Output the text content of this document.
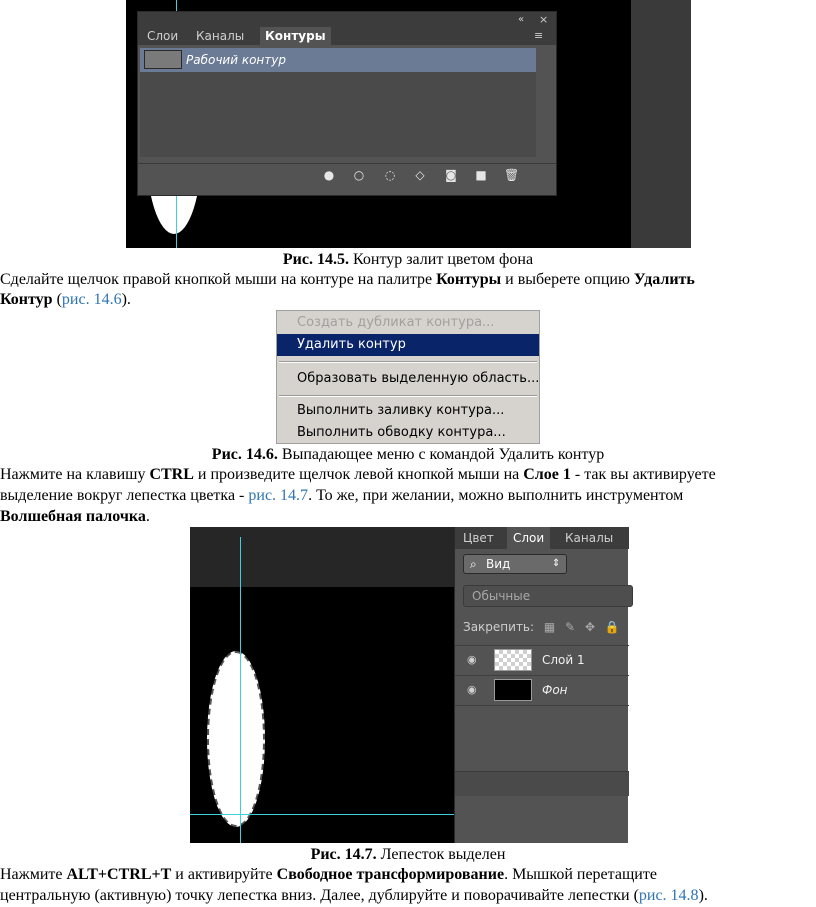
« ×
Слои	Каналы	Контуры	≡
Рабочий контур
● ○ ◌ ◇ ◙ ■ 🗑
Рис. 14.5. Контур залит цветом фона
Сделайте щелчок правой кнопкой мыши на контуре на палитре Контуры и выберете опцию Удалить
Контур (рис. 14.6).
Создать дубликат контура...
Удалить контур
Образовать выделенную область...
Выполнить заливку контура...
Выполнить обводку контура...
Рис. 14.6. Выпадающее меню с командой Удалить контур
Нажмите на клавишу CTRL и произведите щелчок левой кнопкой мыши на Слое 1 - так вы активируете
выделение вокруг лепестка цветка - рис. 14.7. То же, при желании, можно выполнить инструментом
Волшебная палочка.
Цвет	Слои	Каналы
⌕ Вид	⇕
Обычные
Закрепить: ▦ ✎ ✥ 🔒
◉	Слой 1
◉	Фон
Рис. 14.7. Лепесток выделен
Нажмите ALT+CTRL+T и активируйте Свободное трансформирование. Мышкой перетащите
центральную (активную) точку лепестка вниз. Далее, дублируйте и поворачивайте лепестки (рис. 14.8).
